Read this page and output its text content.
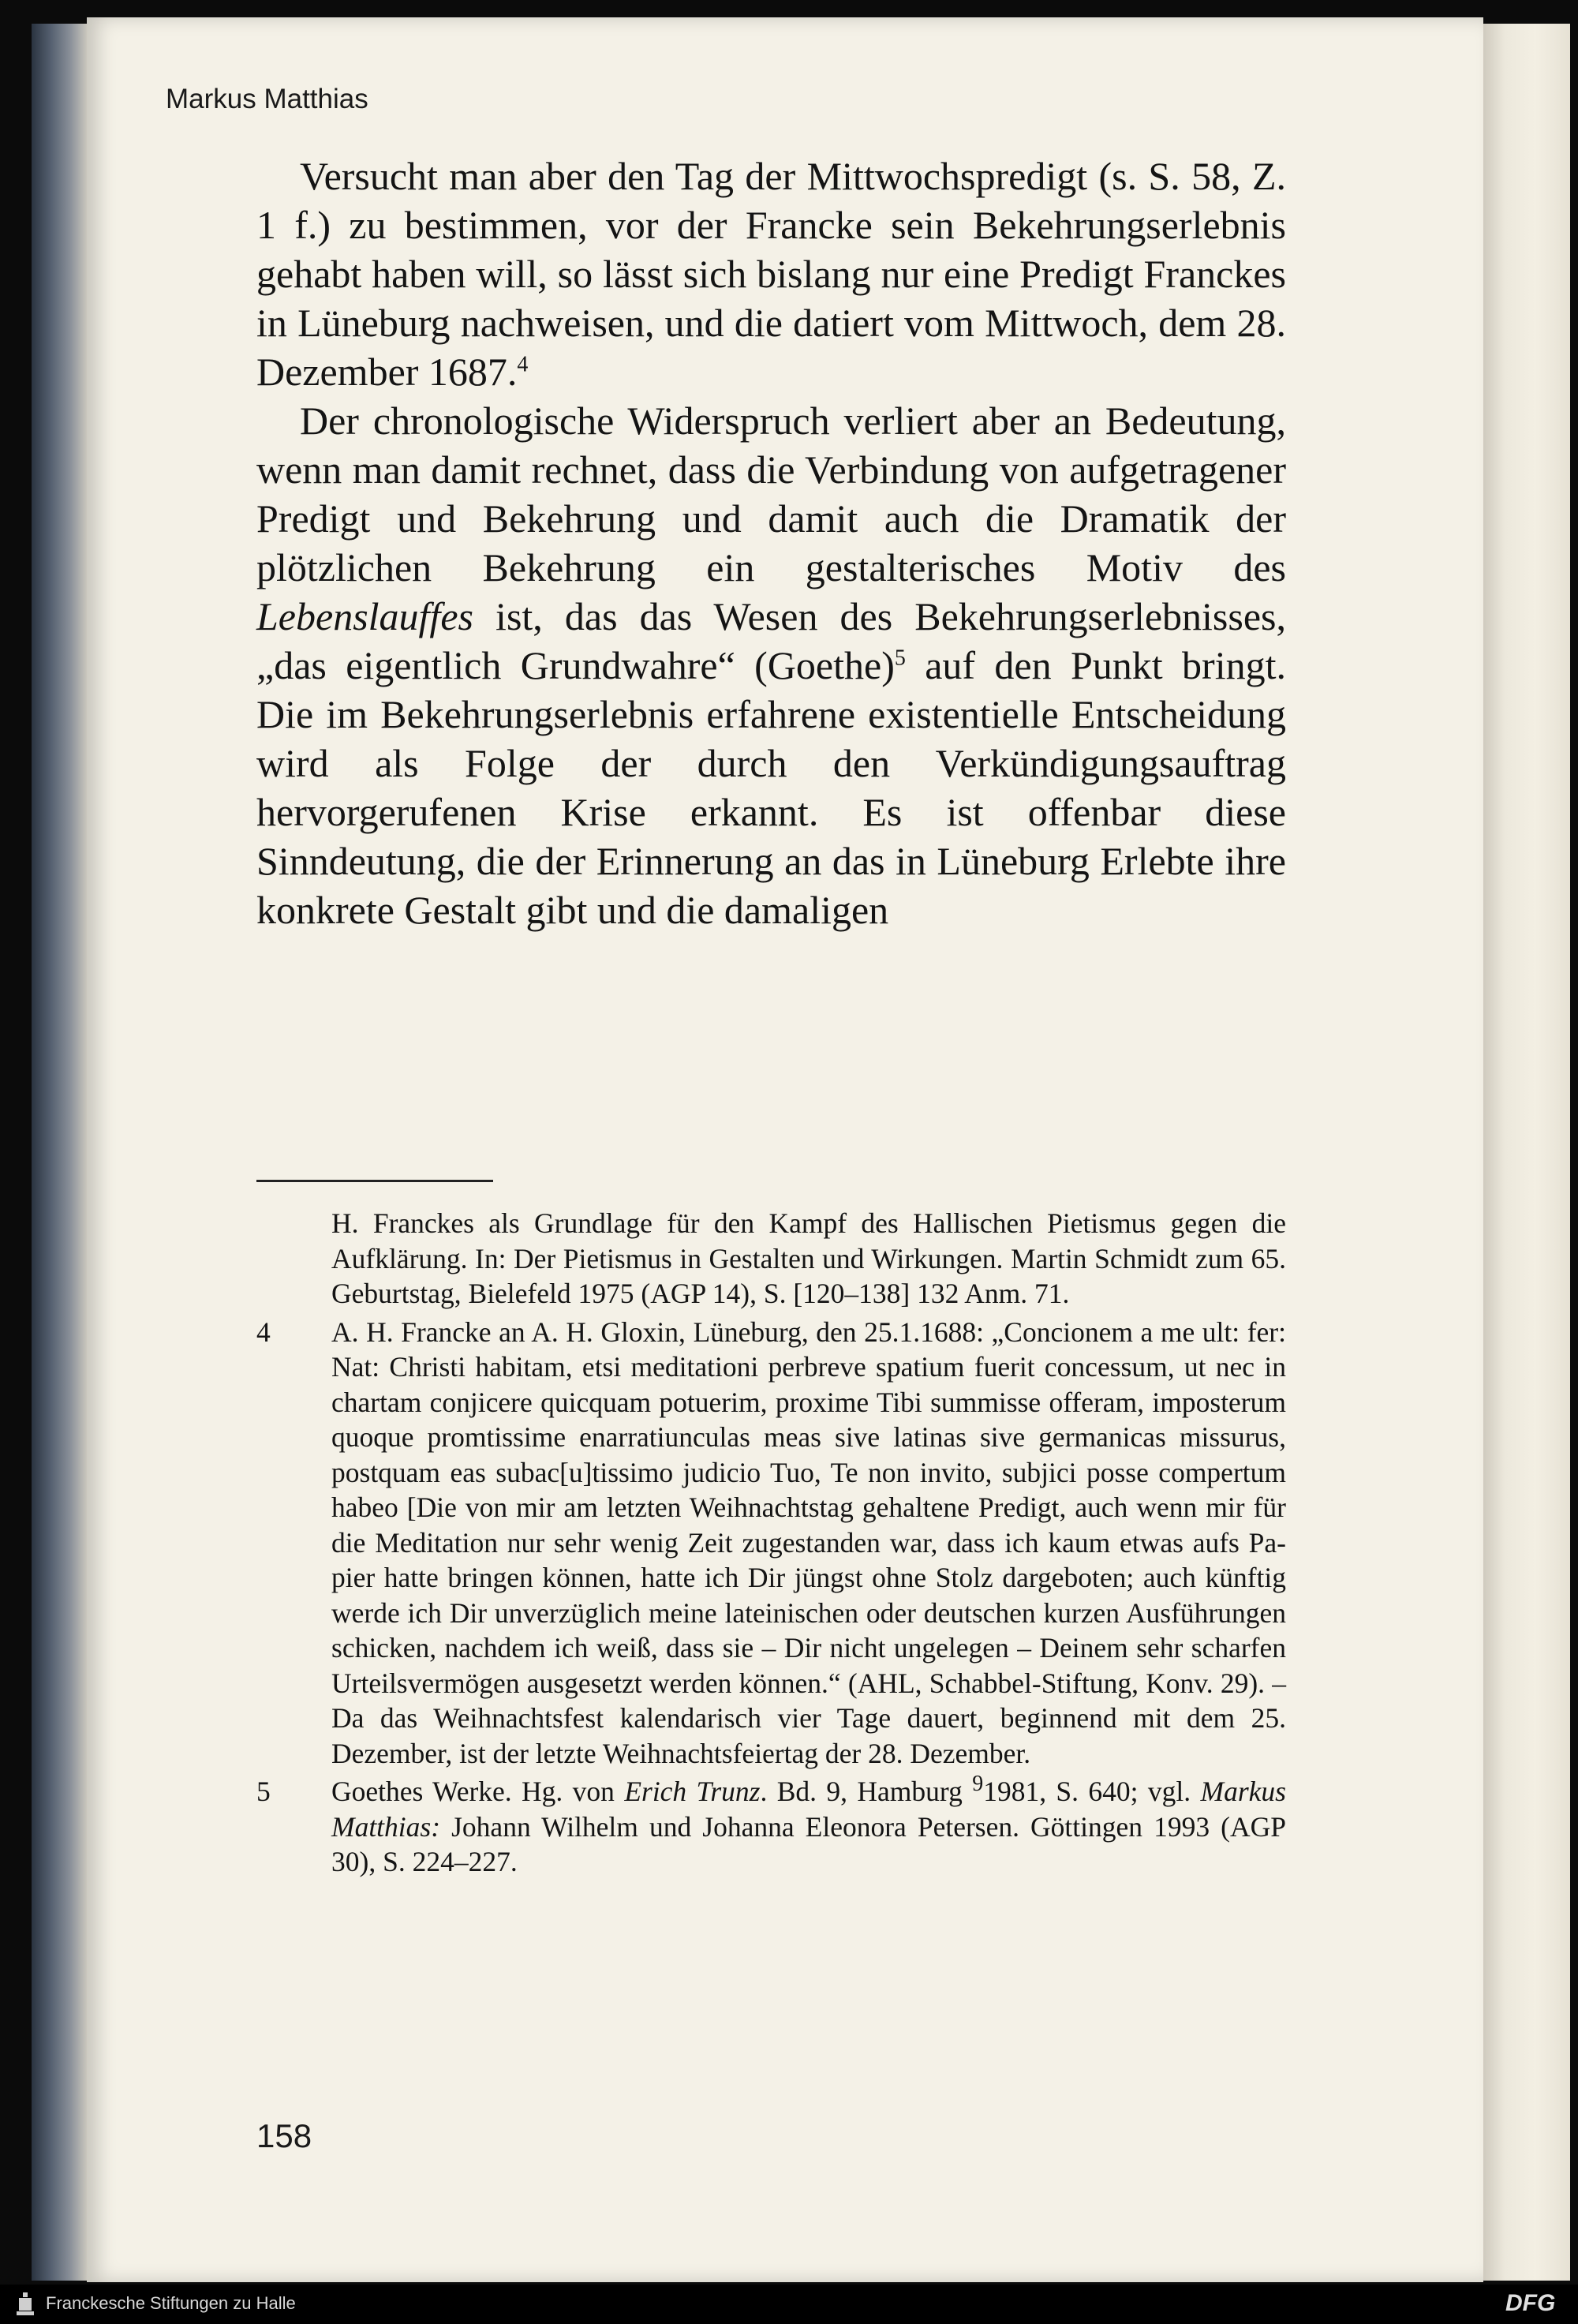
Markus Matthias

Versucht man aber den Tag der Mittwochspredigt (s. S. 58, Z. 1 f.) zu bestimmen, vor der Francke sein Bekehrungserlebnis gehabt haben will, so lässt sich bislang nur eine Predigt Franckes in Lüneburg nachweisen, und die datiert vom Mittwoch, dem 28. Dezember 1687.$^4$

Der chronologische Widerspruch verliert aber an Bedeutung, wenn man damit rechnet, dass die Verbindung von aufgetragener Predigt und Bekehrung und damit auch die Dramatik der plötzlichen Bekehrung ein gestalterisches Motiv des Lebenslauffes ist, das das Wesen des Bekehrungserlebnisses, „das eigentlich Grundwahre“ (Goethe)$^5$ auf den Punkt bringt. Die im Bekehrungserlebnis erfahrene existentielle Entscheidung wird als Folge der durch den Verkündigungsauftrag hervorgerufenen Krise erkannt. Es ist offenbar diese Sinndeutung, die der Erinnerung an das in Lüneburg Erlebte ihre konkrete Gestalt gibt und die damaligen

H. Franckes als Grundlage für den Kampf des Hallischen Pietismus gegen die Aufklärung. In: Der Pietismus in Gestalten und Wirkungen. Martin Schmidt zum 65. Geburtstag, Bielefeld 1975 (AGP 14), S. [120–138] 132 Anm. 71.
4	A. H. Francke an A. H. Gloxin, Lüneburg, den 25.1.1688: „Concionem a me ult: fer: Nat: Christi habitam, etsi meditationi perbreve spatium fuerit concessum, ut nec in chartam conjicere quicquam potuerim, proxime Tibi summisse offeram, imposterum quoque promtissime enarratiunculas meas sive latinas sive germanicas missurus, postquam eas subac[u]tissimo judicio Tuo, Te non invito, subjici posse compertum habeo [Die von mir am letzten Weihnachtstag gehaltene Predigt, auch wenn mir für die Meditation nur sehr wenig Zeit zugestanden war, dass ich kaum etwas aufs Papier hatte bringen können, hatte ich Dir jüngst ohne Stolz dargeboten; auch künftig werde ich Dir unverzüglich meine lateinischen oder deutschen kurzen Ausführungen schicken, nachdem ich weiß, dass sie – Dir nicht ungelegen – Deinem sehr scharfen Urteilsvermögen ausgesetzt werden können.“ (AHL, Schabbel-Stiftung, Konv. 29). – Da das Weihnachtsfest kalendarisch vier Tage dauert, beginnend mit dem 25. Dezember, ist der letzte Weihnachtsfeiertag der 28. Dezember.
5	Goethes Werke. Hg. von Erich Trunz. Bd. 9, Hamburg $^9$1981, S. 640; vgl. Markus Matthias: Johann Wilhelm und Johanna Eleonora Petersen. Göttingen 1993 (AGP 30), S. 224–227.
158
Franckesche Stiftungen zu Halle	DFG
